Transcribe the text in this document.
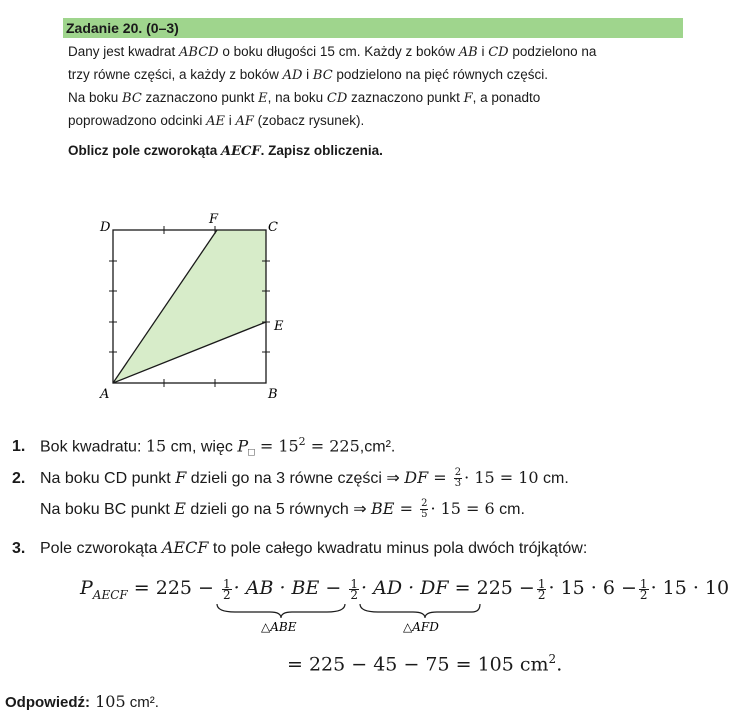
Zadanie 20. (0–3)
Dany jest kwadrat ABCD o boku długości 15 cm. Każdy z boków AB i CD podzielono na
trzy równe części, a każdy z boków AD i BC podzielono na pięć równych części.
Na boku BC zaznaczono punkt E, na boku CD zaznaczono punkt F, a ponadto
poprowadzono odcinki AE i AF (zobacz rysunek).
Oblicz pole czworokąta AECF. Zapisz obliczenia.
D
F
C
E
A	B
1. Bok kwadratu: 15 cm, więc $P_□ = 15^2 = 225,cm^2$.
2. Na boku CD punkt F dzieli go na 3 równe części ⇒ DF = $\frac{2}{3} \cdot 15 = 10$ cm.
Na boku BC punkt E dzieli go na 5 równych ⇒ BE = $\frac{2}{5} \cdot 15 = 6$ cm.
3. Pole czworokąta AECF to pole całego kwadratu minus pola dwóch trójkątów:
$P_{AECF} = 225 - \frac{1}{2}$ · AB · BE − $\frac{1}{2}$ · AD · DF = $225 - \frac{1}{2} \cdot 15 \cdot 6 - \frac{1}{2} \cdot 15 \cdot 10$
△ABE	△AFD
= 225 − 45 − 75 = 105 $cm^2$.
Odpowiedź: 105 cm².
